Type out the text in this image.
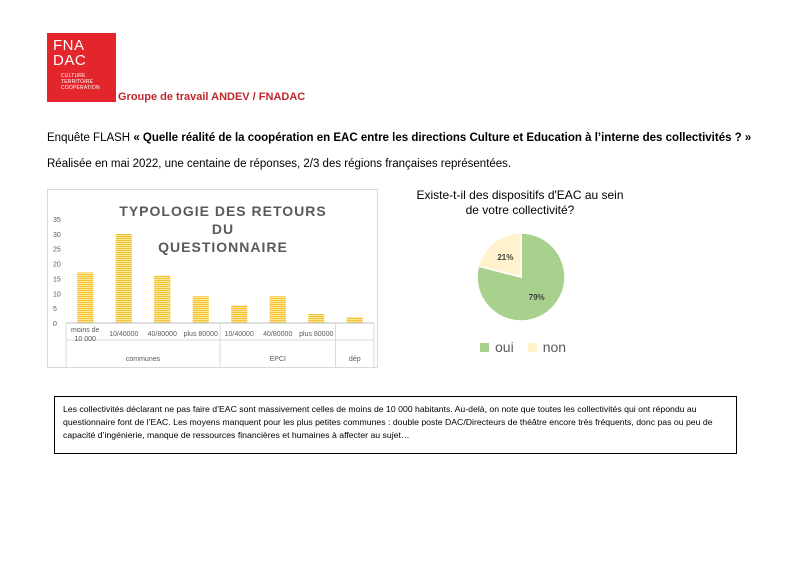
FNA
DAC
CULTURE
TERRITOIRE
COOPÉRATION
Groupe de travail ANDEV / FNADAC
Enquête FLASH « Quelle réalité de la coopération en EAC entre les directions Culture et Education à l’interne des collectivités ? »
Réalisée en mai 2022, une centaine de réponses, 2/3 des régions françaises représentées.
0
5
10
15
20
25
30
35
moins de
10 000
10/40000 40/80000 plus 80000 10/40000 40/80000 plus 80000
communes	EPCI	dép
TYPOLOGIE DES RETOURS DU
QUESTIONNAIRE
Existe-t-il des dispositifs d'EAC au sein
de votre collectivité?
79%
21%
oui non
Les collectivités déclarant ne pas faire d’EAC sont massivement celles de moins de 10 000 habitants. Au-delà, on note que toutes les collectivités qui ont répondu au questionnaire font de l’EAC. Les moyens manquent pour les plus petites communes : double poste DAC/Directeurs de théâtre encore très fréquents, donc pas ou peu de capacité d’ingénierie, manque de ressources financières et humaines à affecter au sujet…
